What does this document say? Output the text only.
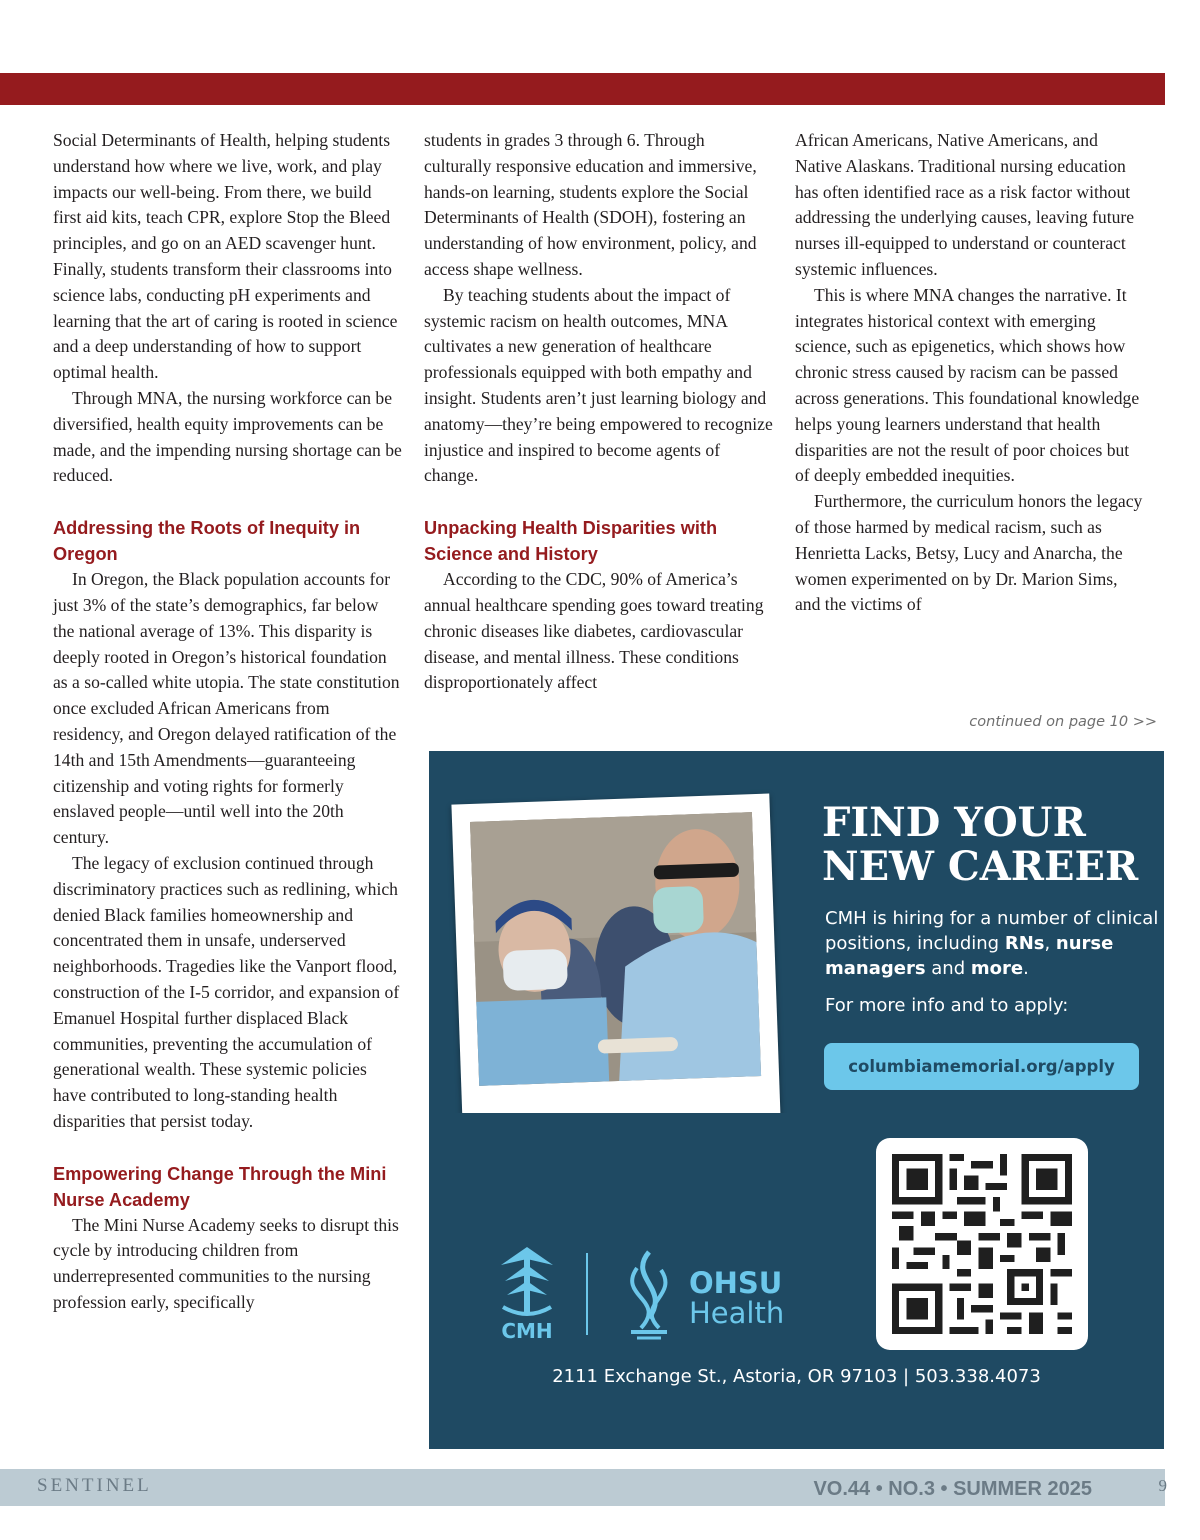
Social Determinants of Health, helping students understand how where we live, work, and play impacts our well-being. From there, we build first aid kits, teach CPR, explore Stop the Bleed principles, and go on an AED scavenger hunt. Finally, students transform their classrooms into science labs, conducting pH experiments and learning that the art of caring is rooted in science and a deep understanding of how to support optimal health.

Through MNA, the nursing workforce can be diversified, health equity improvements can be made, and the impending nursing shortage can be reduced.

Addressing the Roots of Inequity in Oregon

In Oregon, the Black population accounts for just 3% of the state’s demographics, far below the national average of 13%. This disparity is deeply rooted in Oregon’s historical foundation as a so-called white utopia. The state constitution once excluded African Americans from residency, and Oregon delayed ratification of the 14th and 15th Amendments—guaranteeing citizenship and voting rights for formerly enslaved people—until well into the 20th century.

The legacy of exclusion continued through discriminatory practices such as redlining, which denied Black families homeownership and concentrated them in unsafe, underserved neighborhoods. Tragedies like the Vanport flood, construction of the I-5 corridor, and expansion of Emanuel Hospital further displaced Black communities, preventing the accumulation of generational wealth. These systemic policies have contributed to long-standing health disparities that persist today.

Empowering Change Through the Mini Nurse Academy

The Mini Nurse Academy seeks to disrupt this cycle by introducing children from underrepresented communities to the nursing profession early, specifically

students in grades 3 through 6. Through culturally responsive education and immersive, hands-on learning, students explore the Social Determinants of Health (SDOH), fostering an understanding of how environment, policy, and access shape wellness.

By teaching students about the impact of systemic racism on health outcomes, MNA cultivates a new generation of healthcare professionals equipped with both empathy and insight. Students aren’t just learning biology and anatomy—they’re being empowered to recognize injustice and inspired to become agents of change.

Unpacking Health Disparities with Science and History

According to the CDC, 90% of America’s annual healthcare spending goes toward treating chronic diseases like diabetes, cardiovascular disease, and mental illness. These conditions disproportionately affect

African Americans, Native Americans, and Native Alaskans. Traditional nursing education has often identified race as a risk factor without addressing the underlying causes, leaving future nurses ill-equipped to understand or counteract systemic influences.

This is where MNA changes the narrative. It integrates historical context with emerging science, such as epigenetics, which shows how chronic stress caused by racism can be passed across generations. This foundational knowledge helps young learners understand that health disparities are not the result of poor choices but of deeply embedded inequities.

Furthermore, the curriculum honors the legacy of those harmed by medical racism, such as Henrietta Lacks, Betsy, Lucy and Anarcha, the women experimented on by Dr. Marion Sims, and the victims of

continued on page 10 >>
FIND YOUR
NEW CAREER
CMH is hiring for a number of clinical positions, including RNs, nurse managers and more.
For more info and to apply:
columbiamemorial.org/apply
CMH
OHSU
Health
2111 Exchange St., Astoria, OR 97103 | 503.338.4073
SENTINEL	VO.44 • NO.3 • SUMMER 2025	9
